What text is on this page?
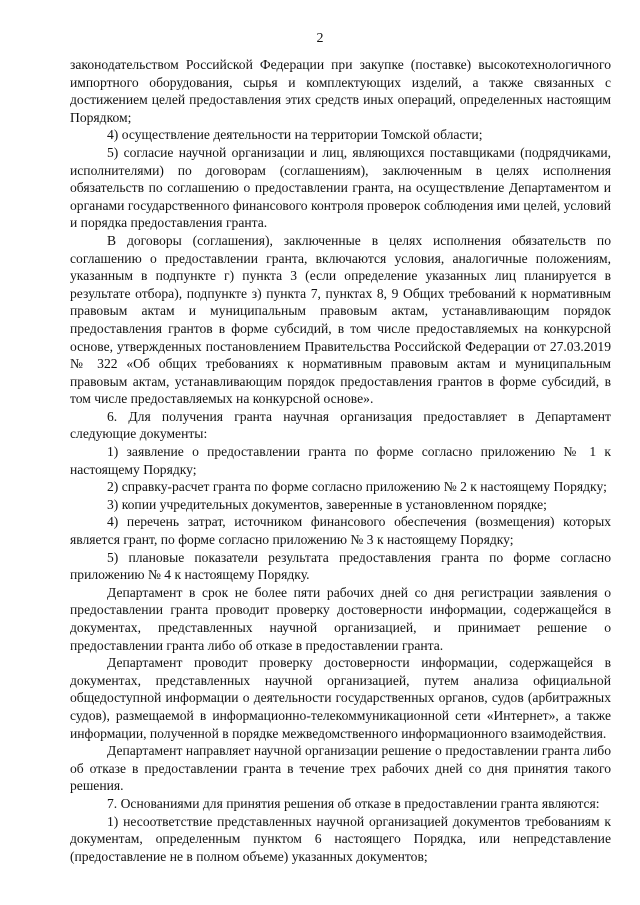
2

законодательством Российской Федерации при закупке (поставке) высокотехнологичного импортного оборудования, сырья и комплектующих изделий, а также связанных с достижением целей предоставления этих средств иных операций, определенных настоящим Порядком;

4) осуществление деятельности на территории Томской области;

5) согласие научной организации и лиц, являющихся поставщиками (подрядчиками, исполнителями) по договорам (соглашениям), заключенным в целях исполнения обязательств по соглашению о предоставлении гранта, на осуществление Департаментом и органами государственного финансового контроля проверок соблюдения ими целей, условий и порядка предоставления гранта.

В договоры (соглашения), заключенные в целях исполнения обязательств по соглашению о предоставлении гранта, включаются условия, аналогичные положениям, указанным в подпункте г) пункта 3 (если определение указанных лиц планируется в результате отбора), подпункте з) пункта 7, пунктах 8, 9 Общих требований к нормативным правовым актам и муниципальным правовым актам, устанавливающим порядок предоставления грантов в форме субсидий, в том числе предоставляемых на конкурсной основе, утвержденных постановлением Правительства Российской Федерации от 27.03.2019 № 322 «Об общих требованиях к нормативным правовым актам и муниципальным правовым актам, устанавливающим порядок предоставления грантов в форме субсидий, в том числе предоставляемых на конкурсной основе».

6. Для получения гранта научная организация предоставляет в Департамент следующие документы:

1) заявление о предоставлении гранта по форме согласно приложению № 1 к настоящему Порядку;

2) справку-расчет гранта по форме согласно приложению № 2 к настоящему Порядку;

3) копии учредительных документов, заверенные в установленном порядке;

4) перечень затрат, источником финансового обеспечения (возмещения) которых является грант, по форме согласно приложению № 3 к настоящему Порядку;

5) плановые показатели результата предоставления гранта по форме согласно приложению № 4 к настоящему Порядку.

Департамент в срок не более пяти рабочих дней со дня регистрации заявления о предоставлении гранта проводит проверку достоверности информации, содержащейся в документах, представленных научной организацией, и принимает решение о предоставлении гранта либо об отказе в предоставлении гранта.

Департамент проводит проверку достоверности информации, содержащейся в документах, представленных научной организацией, путем анализа официальной общедоступной информации о деятельности государственных органов, судов (арбитражных судов), размещаемой в информационно-телекоммуникационной сети «Интернет», а также информации, полученной в порядке межведомственного информационного взаимодействия.

Департамент направляет научной организации решение о предоставлении гранта либо об отказе в предоставлении гранта в течение трех рабочих дней со дня принятия такого решения.

7. Основаниями для принятия решения об отказе в предоставлении гранта являются:

1) несоответствие представленных научной организацией документов требованиям к документам, определенным пунктом 6 настоящего Порядка, или непредставление (предоставление не в полном объеме) указанных документов;
